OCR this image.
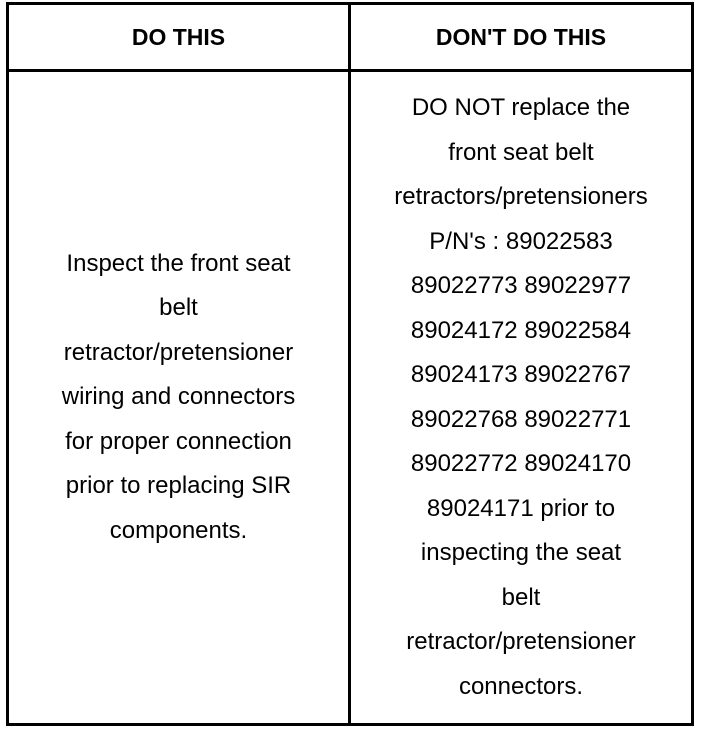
DO THIS	DON'T DO THIS
Inspect the front seat
belt
retractor/pretensioner
wiring and connectors
for proper connection
prior to replacing SIR
components.
DO NOT replace the
front seat belt
retractors/pretensioners
P/N's : 89022583
89022773 89022977
89024172 89022584
89024173 89022767
89022768 89022771
89022772 89024170
89024171 prior to
inspecting the seat
belt
retractor/pretensioner
connectors.
